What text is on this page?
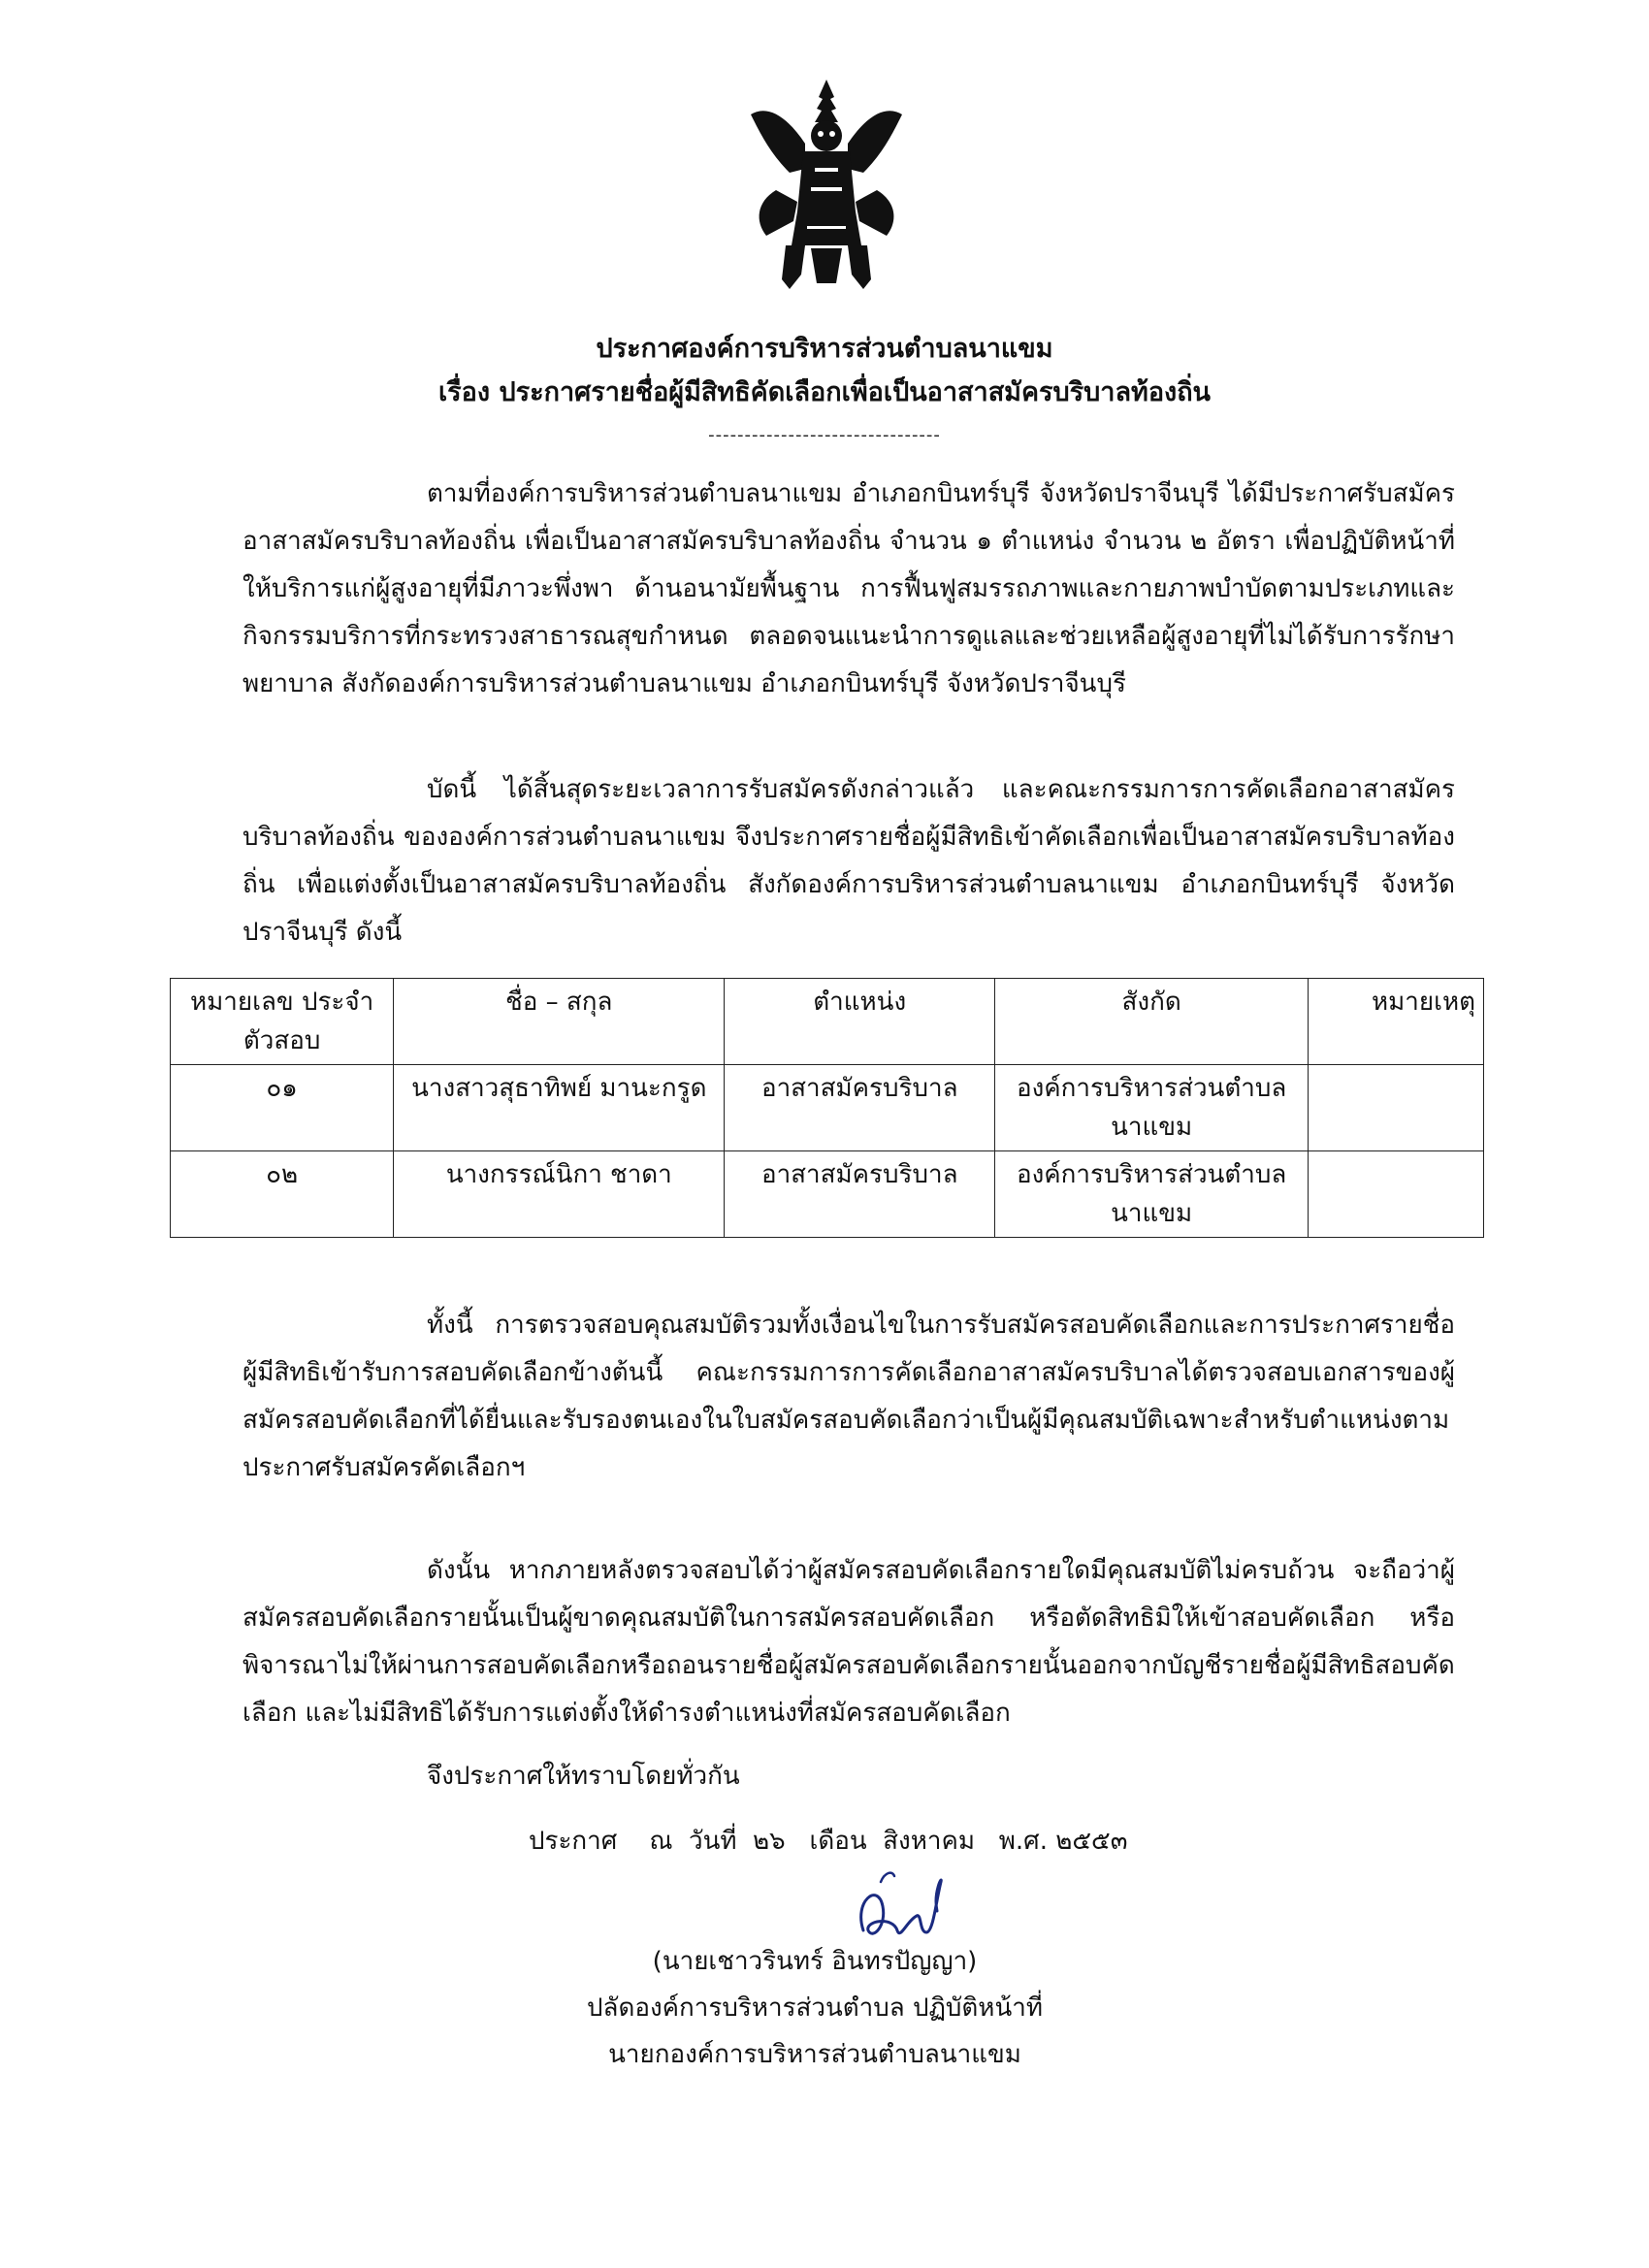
ประกาศองค์การบริหารส่วนตำบลนาแขม
เรื่อง ประกาศรายชื่อผู้มีสิทธิคัดเลือกเพื่อเป็นอาสาสมัครบริบาลท้องถิ่น
--------------------------------
ตามที่องค์การบริหารส่วนตำบลนาแขม อำเภอกบินทร์บุรี จังหวัดปราจีนบุรี ได้มีประกาศรับสมัครอาสาสมัครบริบาลท้องถิ่น เพื่อเป็นอาสาสมัครบริบาลท้องถิ่น จำนวน ๑ ตำแหน่ง จำนวน ๒ อัตรา เพื่อปฏิบัติหน้าที่ให้บริการแก่ผู้สูงอายุที่มีภาวะพึ่งพา ด้านอนามัยพื้นฐาน การฟื้นฟูสมรรถภาพและกายภาพบำบัดตามประเภทและกิจกรรมบริการที่กระทรวงสาธารณสุขกำหนด ตลอดจนแนะนำการดูแลและช่วยเหลือผู้สูงอายุที่ไม่ได้รับการรักษาพยาบาล สังกัดองค์การบริหารส่วนตำบลนาแขม อำเภอกบินทร์บุรี จังหวัดปราจีนบุรี
บัดนี้ ได้สิ้นสุดระยะเวลาการรับสมัครดังกล่าวแล้ว และคณะกรรมการการคัดเลือกอาสาสมัครบริบาลท้องถิ่น ขององค์การส่วนตำบลนาแขม จึงประกาศรายชื่อผู้มีสิทธิเข้าคัดเลือกเพื่อเป็นอาสาสมัครบริบาลท้องถิ่น เพื่อแต่งตั้งเป็นอาสาสมัครบริบาลท้องถิ่น สังกัดองค์การบริหารส่วนตำบลนาแขม อำเภอกบินทร์บุรี จังหวัดปราจีนบุรี ดังนี้
หมายเลข ประจำตัวสอบ	ชื่อ – สกุล	ตำแหน่ง	สังกัด	หมายเหตุ
๐๑	นางสาวสุธาทิพย์ มานะกรูด	อาสาสมัครบริบาล	องค์การบริหารส่วนตำบล นาแขม	
๐๒	นางกรรณ์นิกา ชาดา	อาสาสมัครบริบาล	องค์การบริหารส่วนตำบล นาแขม	
ทั้งนี้ การตรวจสอบคุณสมบัติรวมทั้งเงื่อนไขในการรับสมัครสอบคัดเลือกและการประกาศรายชื่อผู้มีสิทธิเข้ารับการสอบคัดเลือกข้างต้นนี้ คณะกรรมการการคัดเลือกอาสาสมัครบริบาลได้ตรวจสอบเอกสารของผู้สมัครสอบคัดเลือกที่ได้ยื่นและรับรองตนเองในใบสมัครสอบคัดเลือกว่าเป็นผู้มีคุณสมบัติเฉพาะสำหรับตำแหน่งตามประกาศรับสมัครคัดเลือกฯ
ดังนั้น หากภายหลังตรวจสอบได้ว่าผู้สมัครสอบคัดเลือกรายใดมีคุณสมบัติไม่ครบถ้วน จะถือว่าผู้สมัครสอบคัดเลือกรายนั้นเป็นผู้ขาดคุณสมบัติในการสมัครสอบคัดเลือก หรือตัดสิทธิมิให้เข้าสอบคัดเลือก หรือพิจารณาไม่ให้ผ่านการสอบคัดเลือกหรือถอนรายชื่อผู้สมัครสอบคัดเลือกรายนั้นออกจากบัญชีรายชื่อผู้มีสิทธิสอบคัดเลือก และไม่มีสิทธิได้รับการแต่งตั้งให้ดำรงตำแหน่งที่สมัครสอบคัดเลือก
จึงประกาศให้ทราบโดยทั่วกัน
ประกาศ    ณ  วันที่  ๒๖   เดือน  สิงหาคม   พ.ศ. ๒๕๕๓
(นายเชาวรินทร์ อินทรปัญญา)
ปลัดองค์การบริหารส่วนตำบล ปฏิบัติหน้าที่
นายกองค์การบริหารส่วนตำบลนาแขม
